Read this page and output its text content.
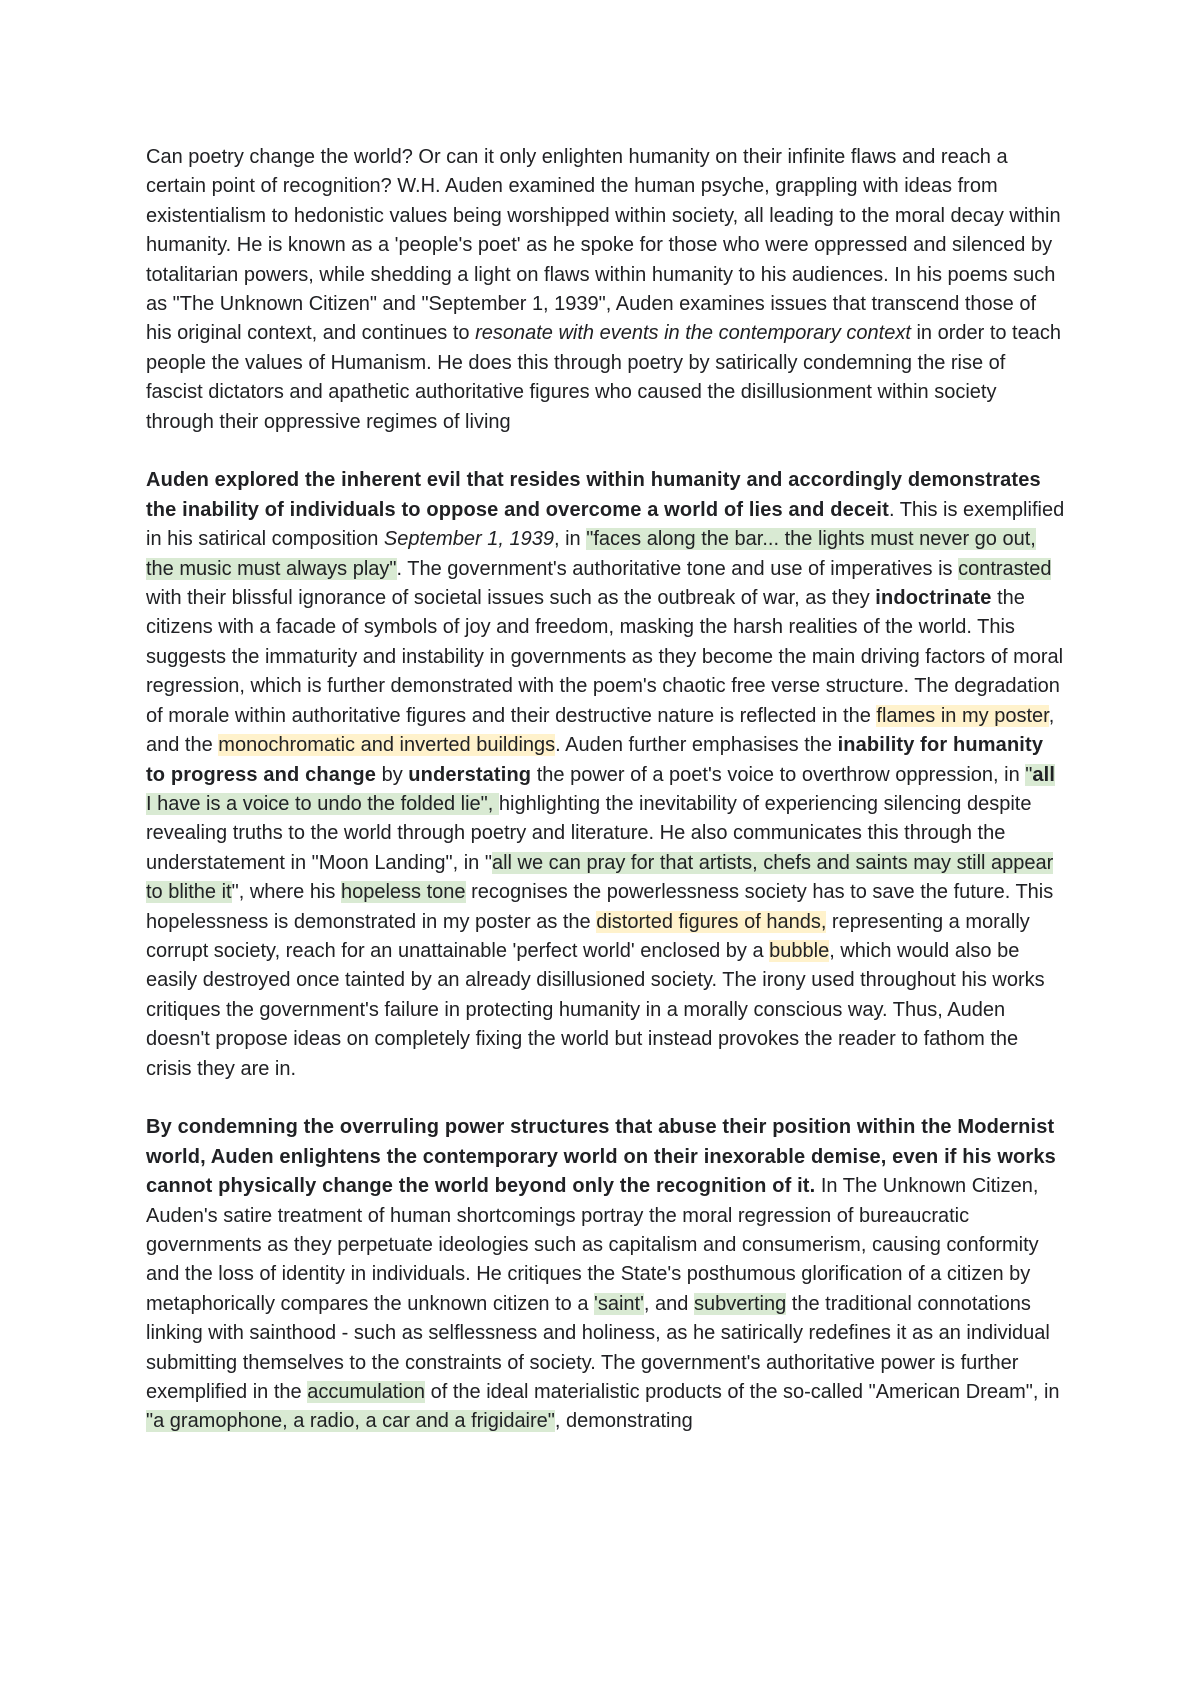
Can poetry change the world? Or can it only enlighten humanity on their infinite flaws and reach a certain point of recognition? W.H. Auden examined the human psyche, grappling with ideas from existentialism to hedonistic values being worshipped within society, all leading to the moral decay within humanity. He is known as a 'people's poet' as he spoke for those who were oppressed and silenced by totalitarian powers, while shedding a light on flaws within humanity to his audiences. In his poems such as "The Unknown Citizen" and "September 1, 1939", Auden examines issues that transcend those of his original context, and continues to resonate with events in the contemporary context in order to teach people the values of Humanism. He does this through poetry by satirically condemning the rise of fascist dictators and apathetic authoritative figures who caused the disillusionment within society through their oppressive regimes of living

Auden explored the inherent evil that resides within humanity and accordingly demonstrates the inability of individuals to oppose and overcome a world of lies and deceit. This is exemplified in his satirical composition September 1, 1939, in "faces along the bar... the lights must never go out, the music must always play". The government's authoritative tone and use of imperatives is contrasted with their blissful ignorance of societal issues such as the outbreak of war, as they indoctrinate the citizens with a facade of symbols of joy and freedom, masking the harsh realities of the world. This suggests the immaturity and instability in governments as they become the main driving factors of moral regression, which is further demonstrated with the poem's chaotic free verse structure. The degradation of morale within authoritative figures and their destructive nature is reflected in the flames in my poster, and the monochromatic and inverted buildings. Auden further emphasises the inability for humanity to progress and change by understating the power of a poet's voice to overthrow oppression, in "all I have is a voice to undo the folded lie", highlighting the inevitability of experiencing silencing despite revealing truths to the world through poetry and literature. He also communicates this through the understatement in "Moon Landing", in "all we can pray for that artists, chefs and saints may still appear to blithe it", where his hopeless tone recognises the powerlessness society has to save the future. This hopelessness is demonstrated in my poster as the distorted figures of hands, representing a morally corrupt society, reach for an unattainable 'perfect world' enclosed by a bubble, which would also be easily destroyed once tainted by an already disillusioned society. The irony used throughout his works critiques the government's failure in protecting humanity in a morally conscious way. Thus, Auden doesn't propose ideas on completely fixing the world but instead provokes the reader to fathom the crisis they are in.

By condemning the overruling power structures that abuse their position within the Modernist world, Auden enlightens the contemporary world on their inexorable demise, even if his works cannot physically change the world beyond only the recognition of it. In The Unknown Citizen, Auden's satire treatment of human shortcomings portray the moral regression of bureaucratic governments as they perpetuate ideologies such as capitalism and consumerism, causing conformity and the loss of identity in individuals. He critiques the State's posthumous glorification of a citizen by metaphorically compares the unknown citizen to a 'saint', and subverting the traditional connotations linking with sainthood - such as selflessness and holiness, as he satirically redefines it as an individual submitting themselves to the constraints of society. The government's authoritative power is further exemplified in the accumulation of the ideal materialistic products of the so-called "American Dream", in "a gramophone, a radio, a car and a frigidaire", demonstrating
